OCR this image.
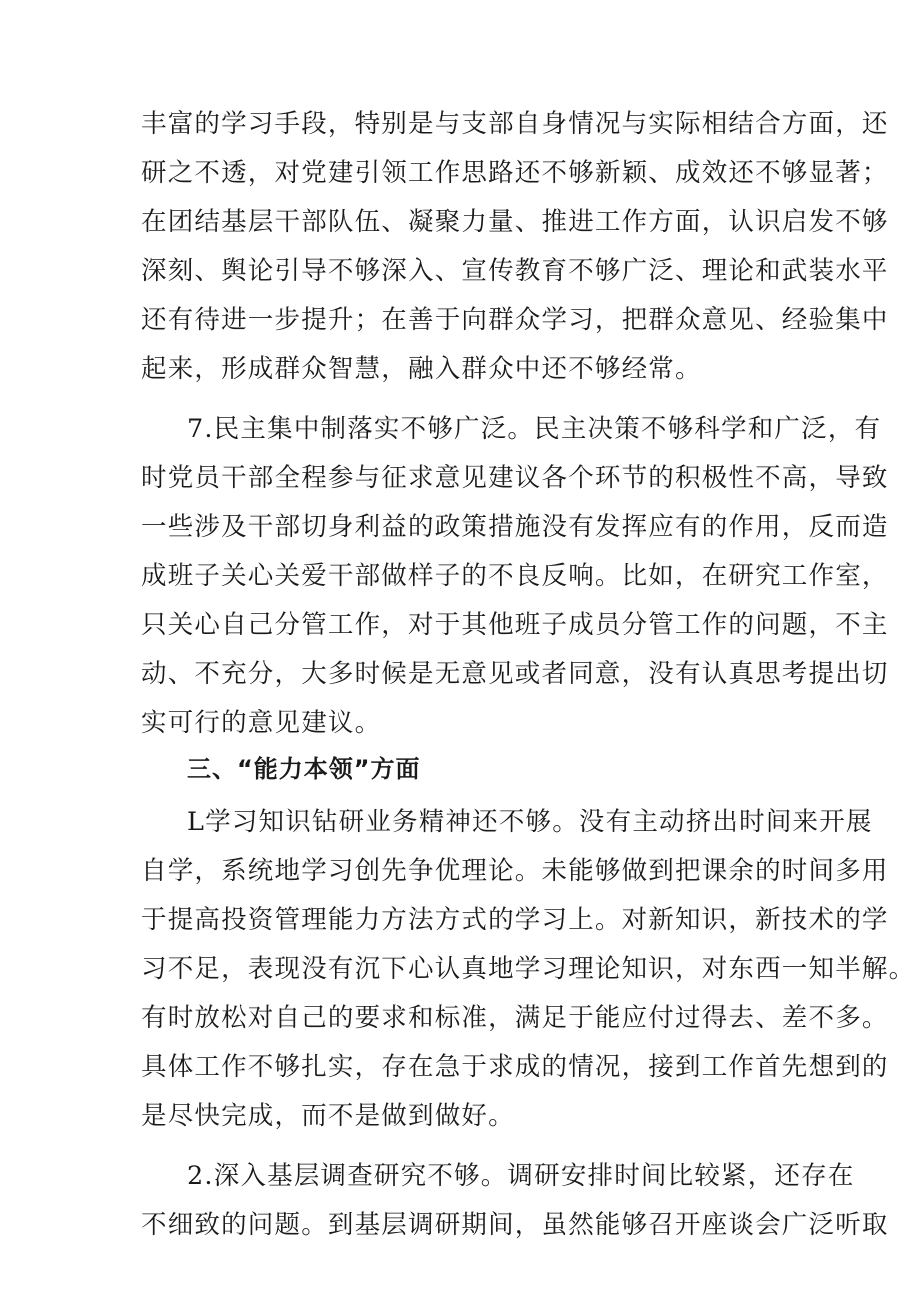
丰富的学习手段，特别是与支部自身情况与实际相结合方面，还

研之不透，对党建引领工作思路还不够新颖、成效还不够显著；

在团结基层干部队伍、凝聚力量、推进工作方面，认识启发不够

深刻、舆论引导不够深入、宣传教育不够广泛、理论和武装水平

还有待进一步提升；在善于向群众学习，把群众意见、经验集中

起来，形成群众智慧，融入群众中还不够经常。

7.民主集中制落实不够广泛。民主决策不够科学和广泛，有

时党员干部全程参与征求意见建议各个环节的积极性不高，导致

一些涉及干部切身利益的政策措施没有发挥应有的作用，反而造

成班子关心关爱干部做样子的不良反响。比如，在研究工作室，

只关心自己分管工作，对于其他班子成员分管工作的问题，不主

动、不充分，大多时候是无意见或者同意，没有认真思考提出切

实可行的意见建议。

三、“能力本领”方面

L学习知识钻研业务精神还不够。没有主动挤出时间来开展

自学，系统地学习创先争优理论。未能够做到把课余的时间多用

于提高投资管理能力方法方式的学习上。对新知识，新技术的学

习不足，表现没有沉下心认真地学习理论知识，对东西一知半解。

有时放松对自己的要求和标准，满足于能应付过得去、差不多。

具体工作不够扎实，存在急于求成的情况，接到工作首先想到的

是尽快完成，而不是做到做好。

2.深入基层调查研究不够。调研安排时间比较紧，还存在

不细致的问题。到基层调研期间，虽然能够召开座谈会广泛听取
